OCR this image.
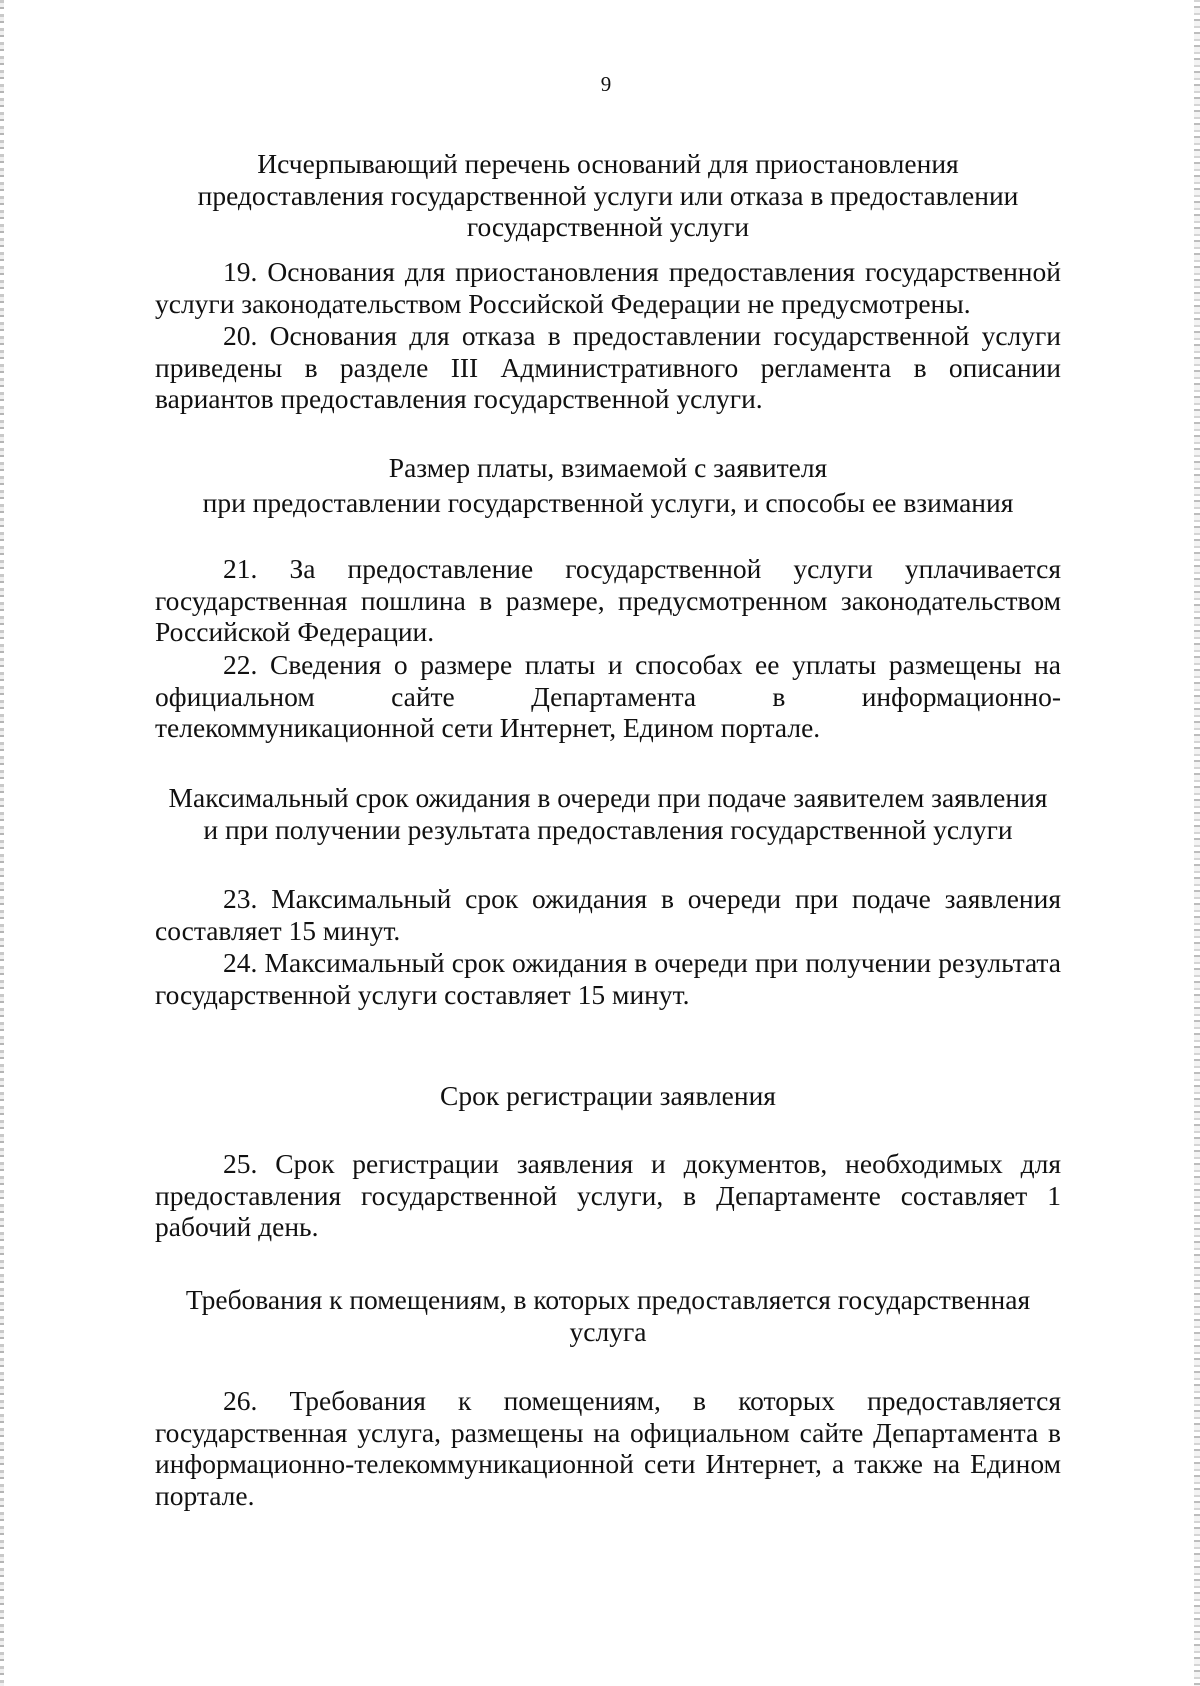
9
Исчерпывающий перечень оснований для приостановления
предоставления государственной услуги или отказа в предоставлении
государственной услуги
19. Основания для приостановления предоставления государственной услуги законодательством Российской Федерации не предусмотрены.
20. Основания для отказа в предоставлении государственной услуги приведены в разделе III Административного регламента в описании вариантов предоставления государственной услуги.
Размер платы, взимаемой с заявителя
при предоставлении государственной услуги, и способы ее взимания
21. За предоставление государственной услуги уплачивается государственная пошлина в размере, предусмотренном законодательством Российской Федерации.
22. Сведения о размере платы и способах ее уплаты размещены на официальном сайте Департамента в информационно-телекоммуникационной сети Интернет, Едином портале.
Максимальный срок ожидания в очереди при подаче заявителем заявления
и при получении результата предоставления государственной услуги
23. Максимальный срок ожидания в очереди при подаче заявления составляет 15 минут.
24. Максимальный срок ожидания в очереди при получении результата государственной услуги составляет 15 минут.
Срок регистрации заявления
25. Срок регистрации заявления и документов, необходимых для предоставления государственной услуги, в Департаменте составляет 1 рабочий день.
Требования к помещениям, в которых предоставляется государственная
услуга
26. Требования к помещениям, в которых предоставляется государственная услуга, размещены на официальном сайте Департамента в информационно-телекоммуникационной сети Интернет, а также на Едином портале.
